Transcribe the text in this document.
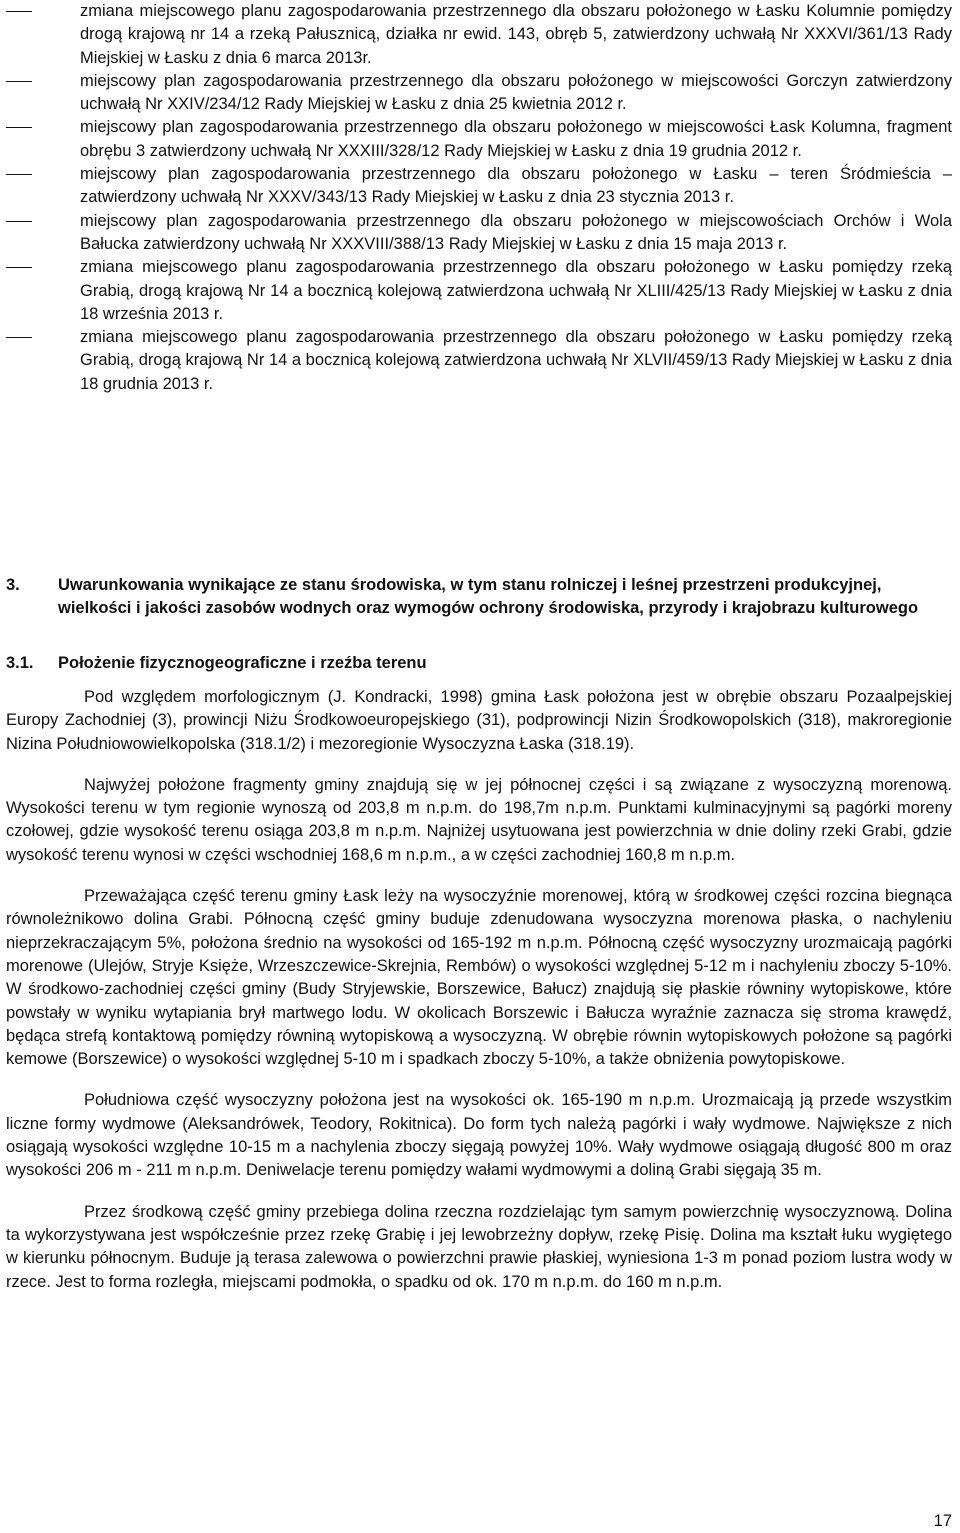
zmiana miejscowego planu zagospodarowania przestrzennego dla obszaru położonego w Łasku Kolumnie pomiędzy drogą krajową nr 14 a rzeką Pałusznicą, działka nr ewid. 143, obręb 5, zatwierdzony uchwałą Nr XXXVI/361/13 Rady Miejskiej w Łasku z dnia 6 marca 2013r.
miejscowy plan zagospodarowania przestrzennego dla obszaru położonego w miejscowości Gorczyn zatwierdzony uchwałą Nr XXIV/234/12 Rady Miejskiej w Łasku z dnia 25 kwietnia 2012 r.
miejscowy plan zagospodarowania przestrzennego dla obszaru położonego w miejscowości Łask Kolumna, fragment obrębu 3 zatwierdzony uchwałą Nr XXXIII/328/12 Rady Miejskiej w Łasku z dnia 19 grudnia 2012 r.
miejscowy plan zagospodarowania przestrzennego dla obszaru położonego w Łasku – teren Śródmieścia – zatwierdzony uchwałą Nr XXXV/343/13 Rady Miejskiej w Łasku z dnia 23 stycznia 2013 r.
miejscowy plan zagospodarowania przestrzennego dla obszaru położonego w miejscowościach Orchów i Wola Bałucka zatwierdzony uchwałą Nr XXXVIII/388/13 Rady Miejskiej w Łasku z dnia 15 maja 2013 r.
zmiana miejscowego planu zagospodarowania przestrzennego dla obszaru położonego w Łasku pomiędzy rzeką Grabią, drogą krajową Nr 14 a bocznicą kolejową zatwierdzona uchwałą Nr XLIII/425/13 Rady Miejskiej w Łasku z dnia 18 września 2013 r.
zmiana miejscowego planu zagospodarowania przestrzennego dla obszaru położonego w Łasku pomiędzy rzeką Grabią, drogą krajową Nr 14 a bocznicą kolejową zatwierdzona uchwałą Nr XLVII/459/13 Rady Miejskiej w Łasku z dnia 18 grudnia 2013 r.
3. Uwarunkowania wynikające ze stanu środowiska, w tym stanu rolniczej i leśnej przestrzeni produkcyjnej, wielkości i jakości zasobów wodnych oraz wymogów ochrony środowiska, przyrody i krajobrazu kulturowego
3.1. Położenie fizycznogeograficzne i rzeźba terenu

Pod względem morfologicznym (J. Kondracki, 1998) gmina Łask położona jest w obrębie obszaru Pozaalpejskiej Europy Zachodniej (3), prowincji Niżu Środkowoeuropejskiego (31), podprowincji Nizin Środkowopolskich (318), makroregionie Nizina Południowowielkopolska (318.1/2) i mezoregionie Wysoczyzna Łaska (318.19).

Najwyżej położone fragmenty gminy znajdują się w jej północnej części i są związane z wysoczyzną morenową. Wysokości terenu w tym regionie wynoszą od 203,8 m n.p.m. do 198,7m n.p.m. Punktami kulminacyjnymi są pagórki moreny czołowej, gdzie wysokość terenu osiąga 203,8 m n.p.m. Najniżej usytuowana jest powierzchnia w dnie doliny rzeki Grabi, gdzie wysokość terenu wynosi w części wschodniej 168,6 m n.p.m., a w części zachodniej 160,8 m n.p.m.

Przeważająca część terenu gminy Łask leży na wysoczyźnie morenowej, którą w środkowej części rozcina biegnąca równoleżnikowo dolina Grabi. Północną część gminy buduje zdenudowana wysoczyzna morenowa płaska, o nachyleniu nieprzekraczającym 5%, położona średnio na wysokości od 165-192 m n.p.m. Północną część wysoczyzny urozmaicają pagórki morenowe (Ulejów, Stryje Księże, Wrzeszczewice-Skrejnia, Rembów) o wysokości względnej 5-12 m i nachyleniu zboczy 5-10%. W środkowo-zachodniej części gminy (Budy Stryjewskie, Borszewice, Bałucz) znajdują się płaskie równiny wytopiskowe, które powstały w wyniku wytapiania brył martwego lodu. W okolicach Borszewic i Bałucza wyraźnie zaznacza się stroma krawędź, będąca strefą kontaktową pomiędzy równiną wytopiskową a wysoczyzną. W obrębie równin wytopiskowych położone są pagórki kemowe (Borszewice) o wysokości względnej 5-10 m i spadkach zboczy 5-10%, a także obniżenia powytopiskowe.

Południowa część wysoczyzny położona jest na wysokości ok. 165-190 m n.p.m. Urozmaicają ją przede wszystkim liczne formy wydmowe (Aleksandrówek, Teodory, Rokitnica). Do form tych należą pagórki i wały wydmowe. Największe z nich osiągają wysokości względne 10-15 m a nachylenia zboczy sięgają powyżej 10%. Wały wydmowe osiągają długość 800 m oraz wysokości 206 m - 211 m n.p.m. Deniwelacje terenu pomiędzy wałami wydmowymi a doliną Grabi sięgają 35 m.

Przez środkową część gminy przebiega dolina rzeczna rozdzielając tym samym powierzchnię wysoczyznową. Dolina ta wykorzystywana jest współcześnie przez rzekę Grabię i jej lewobrzeżny dopływ, rzekę Pisię. Dolina ma kształt łuku wygiętego w kierunku północnym. Buduje ją terasa zalewowa o powierzchni prawie płaskiej, wyniesiona 1-3 m ponad poziom lustra wody w rzece. Jest to forma rozległa, miejscami podmokła, o spadku od ok. 170 m n.p.m. do 160 m n.p.m.

17
